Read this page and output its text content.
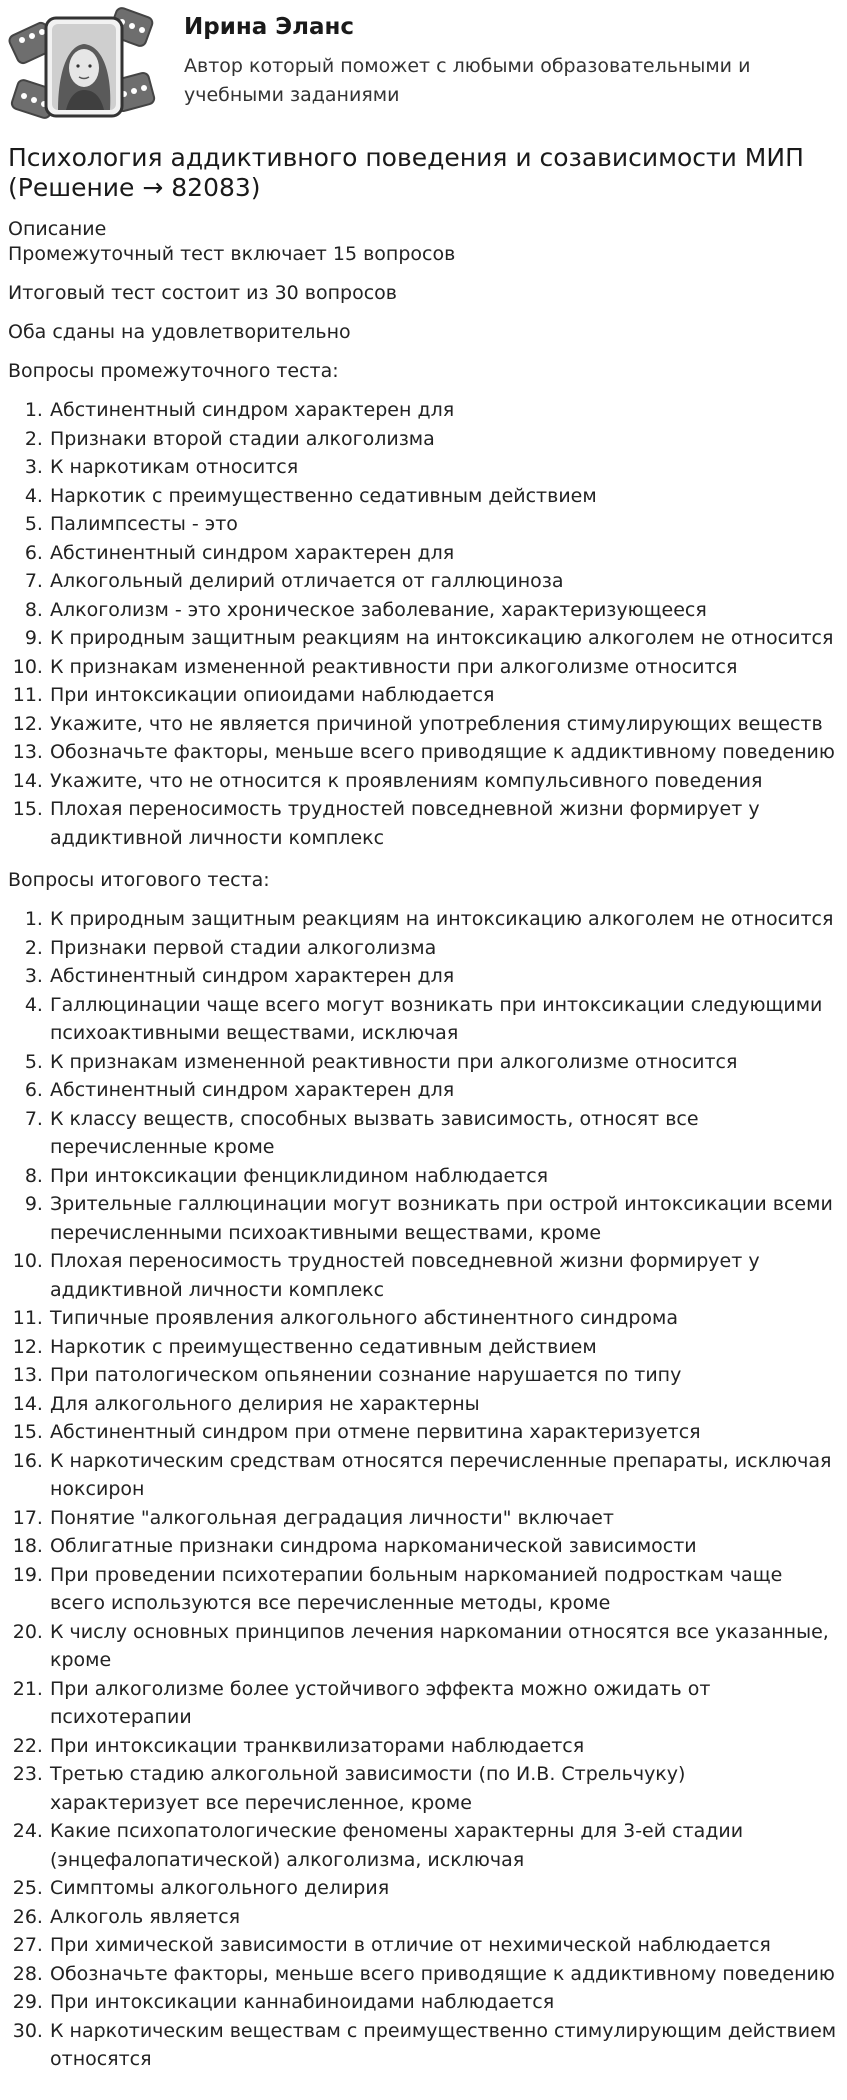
Ирина Эланс
Автор который поможет с любыми образовательными и учебными заданиями
Психология аддиктивного поведения и созависимости МИП (Решение → 82083)
Описание

Промежуточный тест включает 15 вопросов

Итоговый тест состоит из 30 вопросов

Оба сданы на удовлетворительно

Вопросы промежуточного теста:
1. Абстинентный синдром характерен для
2. Признаки второй стадии алкоголизма
3. К наркотикам относится
4. Наркотик с преимущественно седативным действием
5. Палимпсесты - это
6. Абстинентный синдром характерен для
7. Алкогольный делирий отличается от галлюциноза
8. Алкоголизм - это хроническое заболевание, характеризующееся
9. К природным защитным реакциям на интоксикацию алкоголем не относится
10. К признакам измененной реактивности при алкоголизме относится
11. При интоксикации опиоидами наблюдается
12. Укажите, что не является причиной употребления стимулирующих веществ
13. Обозначьте факторы, меньше всего приводящие к аддиктивному поведению
14. Укажите, что не относится к проявлениям компульсивного поведения
15. Плохая переносимость трудностей повседневной жизни формирует у аддиктивной личности комплекс
Вопросы итогового теста:
1. К природным защитным реакциям на интоксикацию алкоголем не относится
2. Признаки первой стадии алкоголизма
3. Абстинентный синдром характерен для
4. Галлюцинации чаще всего могут возникать при интоксикации следующими психоактивными веществами, исключая
5. К признакам измененной реактивности при алкоголизме относится
6. Абстинентный синдром характерен для
7. К классу веществ, способных вызвать зависимость, относят все перечисленные кроме
8. При интоксикации фенциклидином наблюдается
9. Зрительные галлюцинации могут возникать при острой интоксикации всеми перечисленными психоактивными веществами, кроме
10. Плохая переносимость трудностей повседневной жизни формирует у аддиктивной личности комплекс
11. Типичные проявления алкогольного абстинентного синдрома
12. Наркотик с преимущественно седативным действием
13. При патологическом опьянении сознание нарушается по типу
14. Для алкогольного делирия не характерны
15. Абстинентный синдром при отмене первитина характеризуется
16. К наркотическим средствам относятся перечисленные препараты, исключая ноксирон
17. Понятие "алкогольная деградация личности" включает
18. Облигатные признаки синдрома наркоманической зависимости
19. При проведении психотерапии больным наркоманией подросткам чаще всего используются все перечисленные методы, кроме
20. К числу основных принципов лечения наркомании относятся все указанные, кроме
21. При алкоголизме более устойчивого эффекта можно ожидать от психотерапии
22. При интоксикации транквилизаторами наблюдается
23. Третью стадию алкогольной зависимости (по И.В. Стрельчуку) характеризует все перечисленное, кроме
24. Какие психопатологические феномены характерны для 3-ей стадии (энцефалопатической) алкоголизма, исключая
25. Симптомы алкогольного делирия
26. Алкоголь является
27. При химической зависимости в отличие от нехимической наблюдается
28. Обозначьте факторы, меньше всего приводящие к аддиктивному поведению
29. При интоксикации каннабиноидами наблюдается
30. К наркотическим веществам с преимущественно стимулирующим действием относятся
